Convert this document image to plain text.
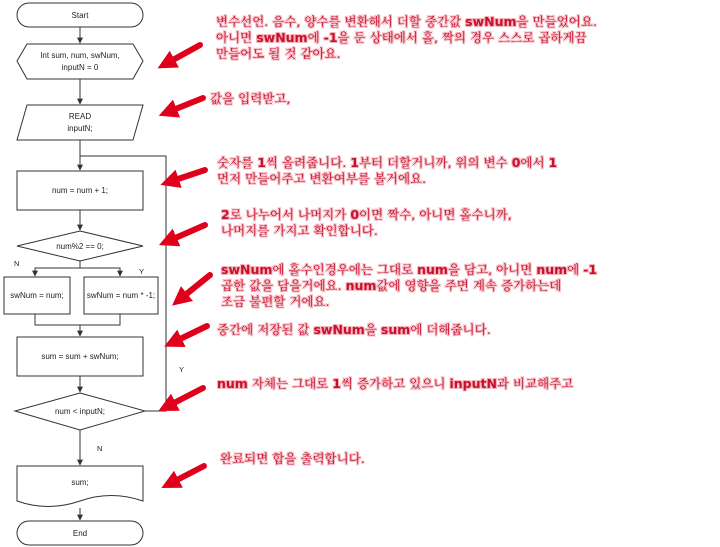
Start
Int sum, num, swNum,
inputN = 0
READ
inputN;
num = num + 1;
num%2 == 0;
N
Y
swNum = num;	swNum = num * -1;
sum = sum + swNum;
num < inputN;
Y
N
sum;
End
변수선언. 음수, 양수를 변환해서 더할 중간값 swNum을 만들었어요.
아니면 swNum에 -1을 둔 상태에서 홀, 짝의 경우 스스로 곱하게끔
만들어도 될 것 같아요.
값을 입력받고,
숫자를 1씩 올려줍니다. 1부터 더할거니까, 위의 변수 0에서 1
먼저 만들어주고 변환여부를 볼거에요.
2로 나누어서 나머지가 0이면 짝수, 아니면 홀수니까,
나머지를 가지고 확인합니다.
swNum에 홀수인경우에는 그대로 num을 담고, 아니면 num에 -1
곱한 값을 담을거에요. num값에 영향을 주면 계속 증가하는데
조금 불편할 거에요.
중간에 저장된 값 swNum을 sum에 더해줍니다.
num 자체는 그대로 1씩 증가하고 있으니 inputN과 비교해주고
완료되면 합을 출력합니다.
